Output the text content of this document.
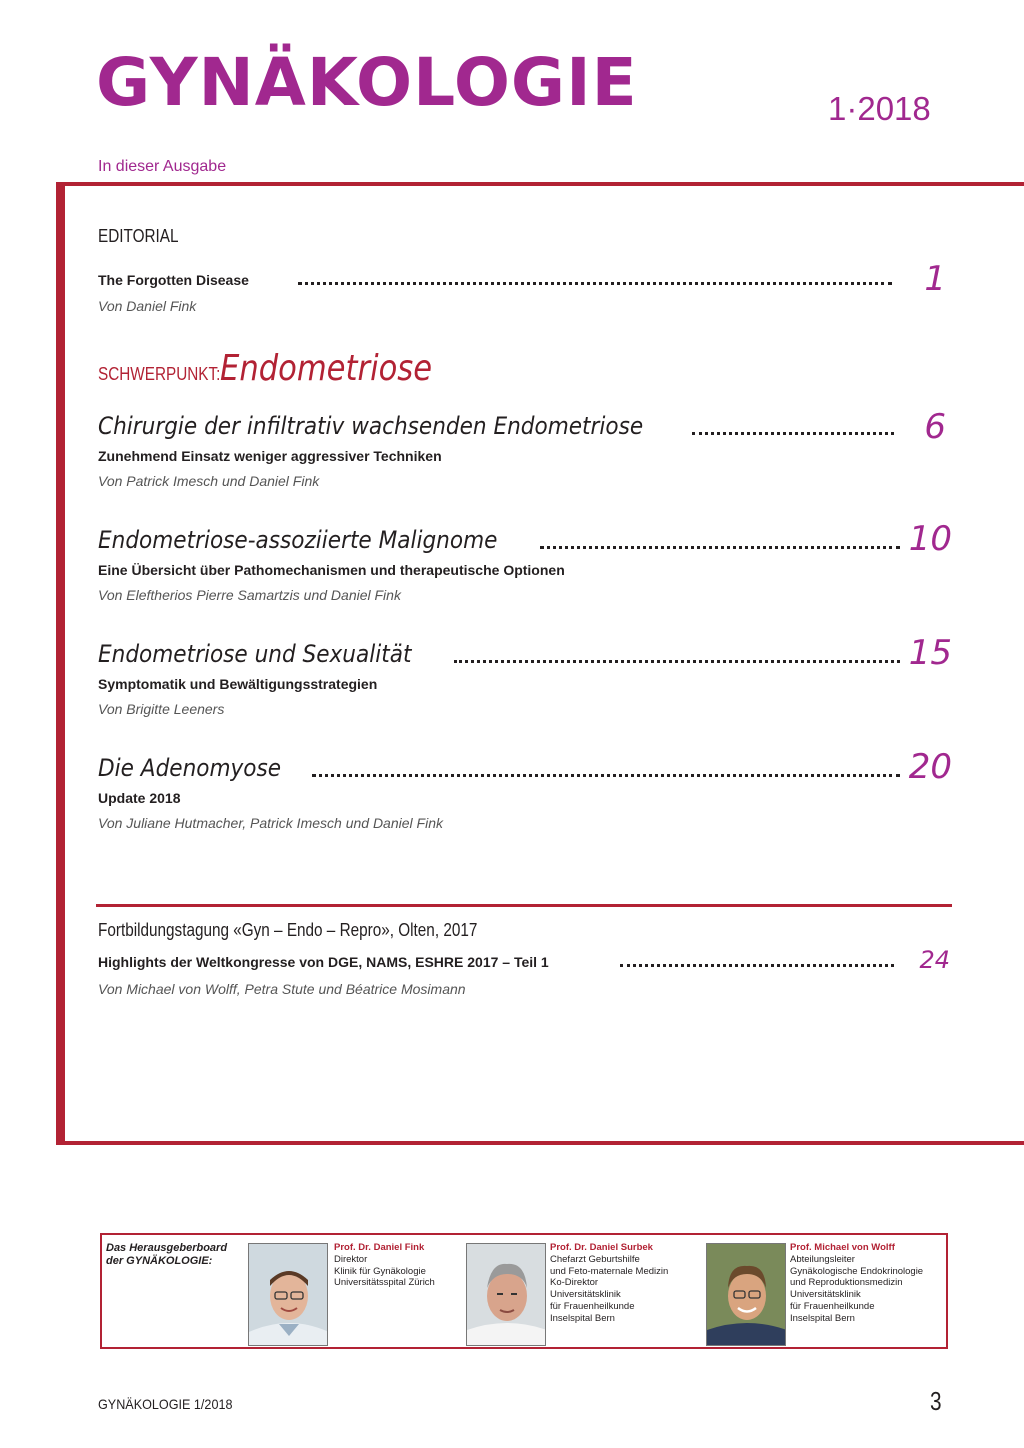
GYNÄKOLOGIE	1·2018
In dieser Ausgabe
EDITORIAL
The Forgotten Disease	1
Von Daniel Fink
SCHWERPUNKT:Endometriose
Chirurgie der infiltrativ wachsenden Endometriose	6
Zunehmend Einsatz weniger aggressiver Techniken
Von Patrick Imesch und Daniel Fink
Endometriose-assoziierte Malignome	10
Eine Übersicht über Pathomechanismen und therapeutische Optionen
Von Eleftherios Pierre Samartzis und Daniel Fink
Endometriose und Sexualität	15
Symptomatik und Bewältigungsstrategien
Von Brigitte Leeners
Die Adenomyose	20
Update 2018
Von Juliane Hutmacher, Patrick Imesch und Daniel Fink
Fortbildungstagung «Gyn – Endo – Repro», Olten, 2017
Highlights der Weltkongresse von DGE, NAMS, ESHRE 2017 – Teil 1	24
Von Michael von Wolff, Petra Stute und Béatrice Mosimann
Das Herausgeberboard
der GYNÄKOLOGIE:
Prof. Dr. Daniel Fink
Direktor
Klinik für Gynäkologie
Universitätsspital Zürich
Prof. Dr. Daniel Surbek
Chefarzt Geburtshilfe
und Feto-maternale Medizin
Ko-Direktor
Universitätsklinik
für Frauenheilkunde
Inselspital Bern
Prof. Michael von Wolff
Abteilungsleiter
Gynäkologische Endokrinologie
und Reproduktionsmedizin
Universitätsklinik
für Frauenheilkunde
Inselspital Bern
GYNÄKOLOGIE 1/2018	3
